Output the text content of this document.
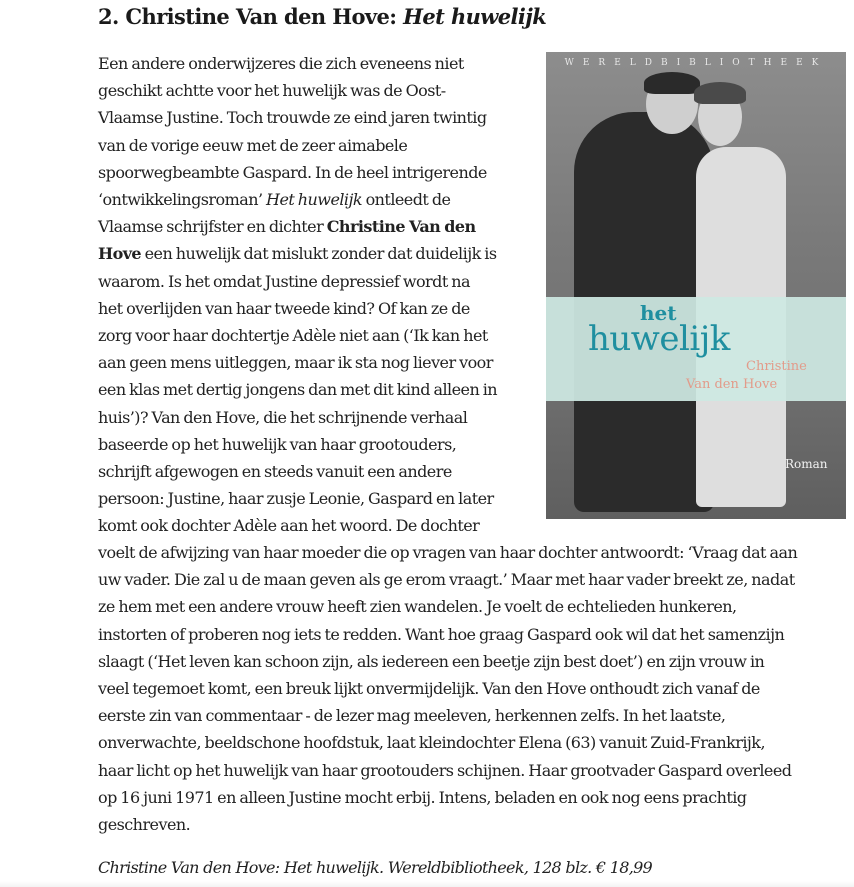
2. Christine Van den Hove: Het huwelijk
WERELDBIBLIOTHEEK
het
huwelijk
Christine
Van den Hove
Roman
Een andere onderwijzeres die zich eveneens niet
geschikt achtte voor het huwelijk was de Oost-
Vlaamse Justine. Toch trouwde ze eind jaren twintig
van de vorige eeuw met de zeer aimabele
spoorwegbeambte Gaspard. In de heel intrigerende
‘ontwikkelingsroman’ Het huwelijk ontleedt de
Vlaamse schrijfster en dichter Christine Van den
Hove een huwelijk dat mislukt zonder dat duidelijk is
waarom. Is het omdat Justine depressief wordt na
het overlijden van haar tweede kind? Of kan ze de
zorg voor haar dochtertje Adèle niet aan (‘Ik kan het
aan geen mens uitleggen, maar ik sta nog liever voor
een klas met dertig jongens dan met dit kind alleen in
huis’)? Van den Hove, die het schrijnende verhaal
baseerde op het huwelijk van haar grootouders,
schrijft afgewogen en steeds vanuit een andere
persoon: Justine, haar zusje Leonie, Gaspard en later
komt ook dochter Adèle aan het woord. De dochter
voelt de afwijzing van haar moeder die op vragen van haar dochter antwoordt: ‘Vraag dat aan
uw vader. Die zal u de maan geven als ge erom vraagt.’ Maar met haar vader breekt ze, nadat
ze hem met een andere vrouw heeft zien wandelen. Je voelt de echtelieden hunkeren,
instorten of proberen nog iets te redden. Want hoe graag Gaspard ook wil dat het samenzijn
slaagt (‘Het leven kan schoon zijn, als iedereen een beetje zijn best doet’) en zijn vrouw in
veel tegemoet komt, een breuk lijkt onvermijdelijk. Van den Hove onthoudt zich vanaf de
eerste zin van commentaar - de lezer mag meeleven, herkennen zelfs. In het laatste,
onverwachte, beeldschone hoofdstuk, laat kleindochter Elena (63) vanuit Zuid-Frankrijk,
haar licht op het huwelijk van haar grootouders schijnen. Haar grootvader Gaspard overleed
op 16 juni 1971 en alleen Justine mocht erbij. Intens, beladen en ook nog eens prachtig
geschreven.

Christine Van den Hove: Het huwelijk. Wereldbibliotheek, 128 blz. € 18,99
